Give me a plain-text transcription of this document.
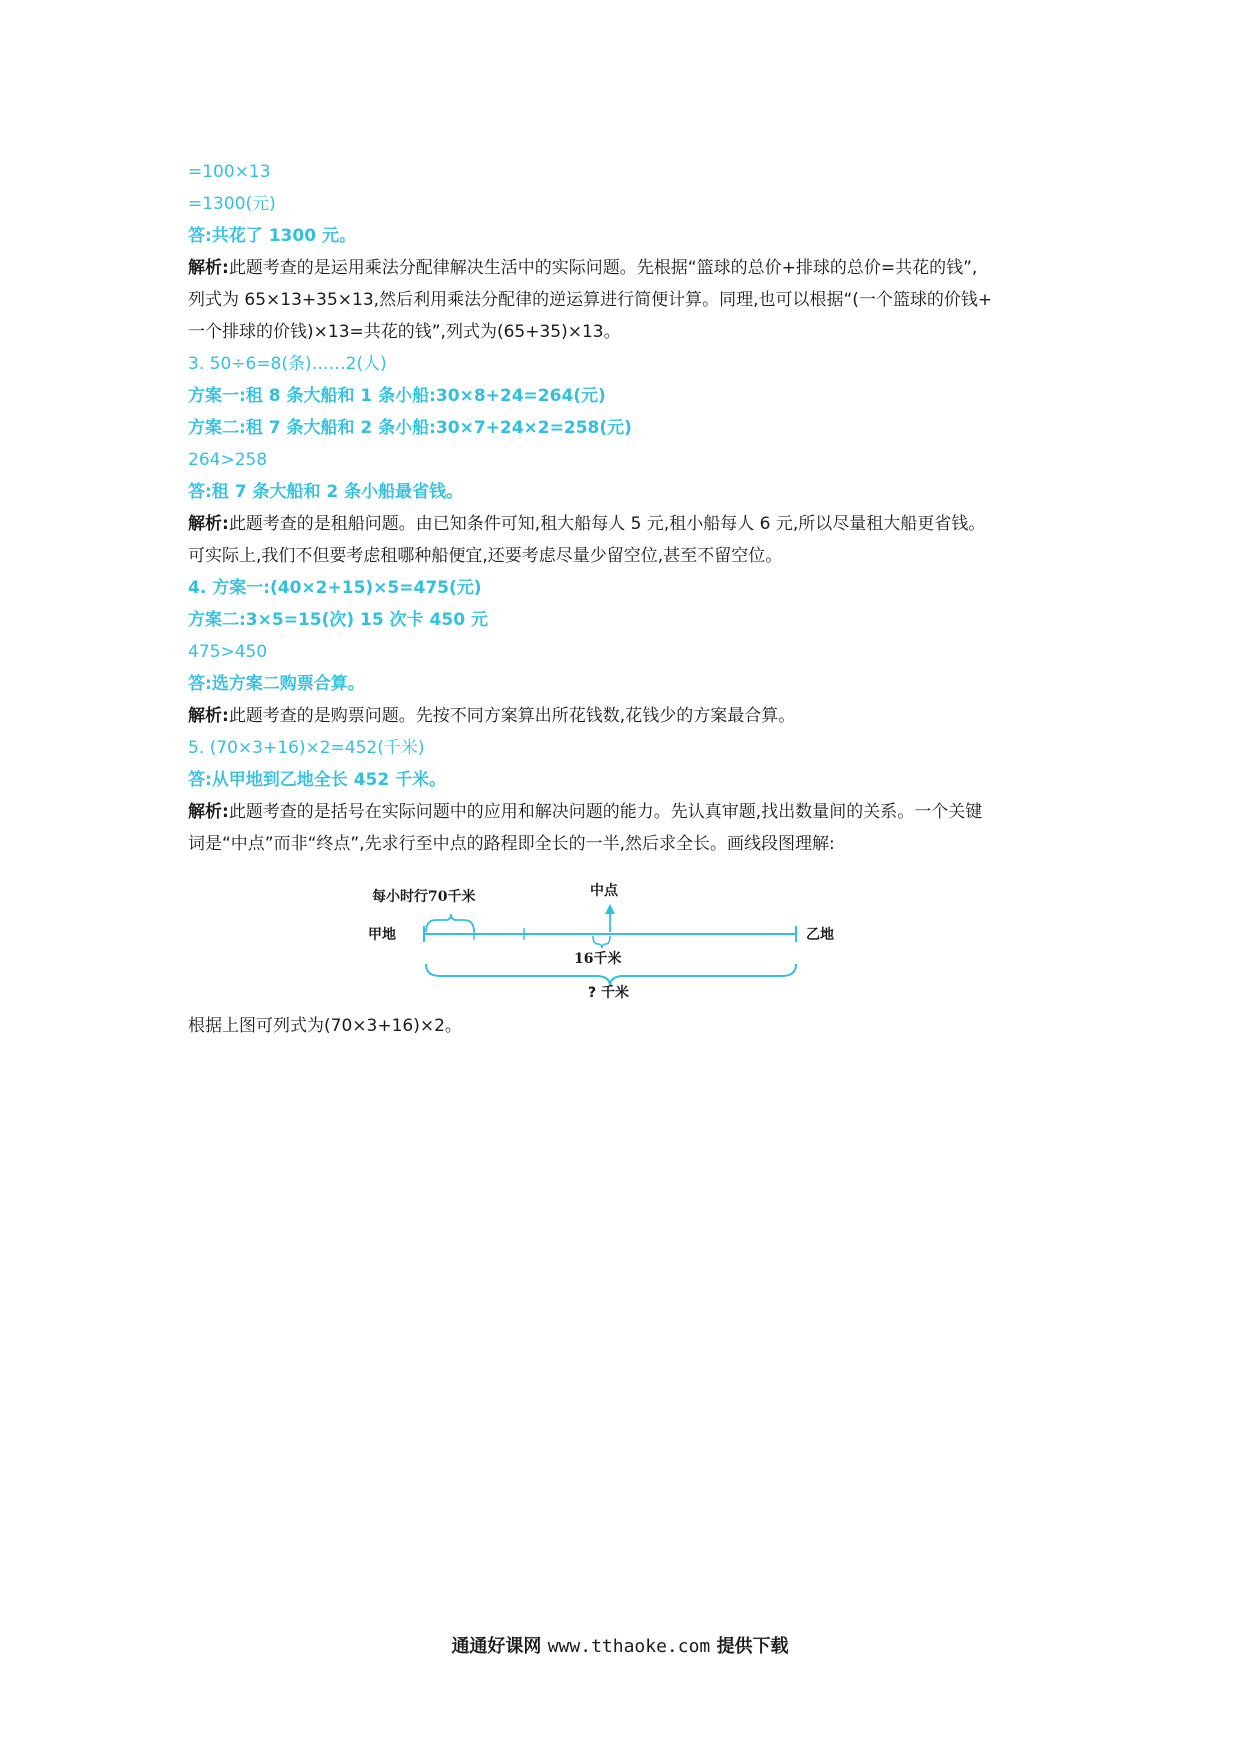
=100×13
=1300(元)
答:共花了 1300 元。
解析:此题考查的是运用乘法分配律解决生活中的实际问题。先根据“篮球的总价+排球的总价=共花的钱”,
列式为 65×13+35×13,然后利用乘法分配律的逆运算进行简便计算。同理,也可以根据“(一个篮球的价钱+
一个排球的价钱)×13=共花的钱”,列式为(65+35)×13。
3. 50÷6=8(条)……2(人)
方案一:租 8 条大船和 1 条小船:30×8+24=264(元)
方案二:租 7 条大船和 2 条小船:30×7+24×2=258(元)
264>258
答:租 7 条大船和 2 条小船最省钱。
解析:此题考查的是租船问题。由已知条件可知,租大船每人 5 元,租小船每人 6 元,所以尽量租大船更省钱。
可实际上,我们不但要考虑租哪种船便宜,还要考虑尽量少留空位,甚至不留空位。
4. 方案一:(40×2+15)×5=475(元)
方案二:3×5=15(次) 15 次卡 450 元
475>450
答:选方案二购票合算。
解析:此题考查的是购票问题。先按不同方案算出所花钱数,花钱少的方案最合算。
5. (70×3+16)×2=452(千米)
答:从甲地到乙地全长 452 千米。
解析:此题考查的是括号在实际问题中的应用和解决问题的能力。先认真审题,找出数量间的关系。一个关键
词是“中点”而非“终点”,先求行至中点的路程即全长的一半,然后求全长。画线段图理解:
甲地	乙地
每小时行70千米	中点
16千米
? 千米
根据上图可列式为(70×3+16)×2。
通通好课网 www.tthaoke.com 提供下载
